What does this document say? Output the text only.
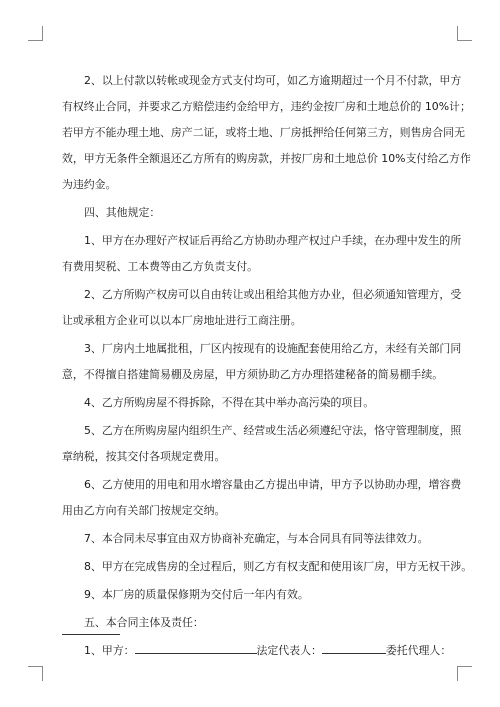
2、以上付款以转帐或现金方式支付均可，如乙方逾期超过一个月不付款，甲方
有权终止合同，并要求乙方赔偿违约金给甲方，违约金按厂房和土地总价的 10%计；
若甲方不能办理土地、房产二证，或将土地、厂房抵押给任何第三方，则售房合同无
效，甲方无条件全额退还乙方所有的购房款，并按厂房和土地总价 10%支付给乙方作
为违约金。
四、其他规定：
1、甲方在办理好产权证后再给乙方协助办理产权过户手续，在办理中发生的所
有费用契税、工本费等由乙方负责支付。
2、乙方所购产权房可以自由转让或出租给其他方办业，但必须通知管理方，受
让或承租方企业可以以本厂房地址进行工商注册。
3、厂房内土地属批租，厂区内按现有的设施配套使用给乙方，未经有关部门同
意，不得擅自搭建简易棚及房屋，甲方须协助乙方办理搭建秘备的简易棚手续。
4、乙方所购房屋不得拆除，不得在其中举办高污染的项目。
5、乙方在所购房屋内组织生产、经营或生活必须遵纪守法，恪守管理制度，照
章纳税，按其交付各项规定费用。
6、乙方使用的用电和用水增容量由乙方提出申请，甲方予以协助办理，增容费
用由乙方向有关部门按规定交纳。
7、本合同未尽事宜由双方协商补充确定，与本合同具有同等法律效力。
8、甲方在完成售房的全过程后，则乙方有权支配和使用该厂房，甲方无权干涉。
9、本厂房的质量保修期为交付后一年内有效。
五、本合同主体及责任：
1、甲方：	法定代表人：	委托代理人：
